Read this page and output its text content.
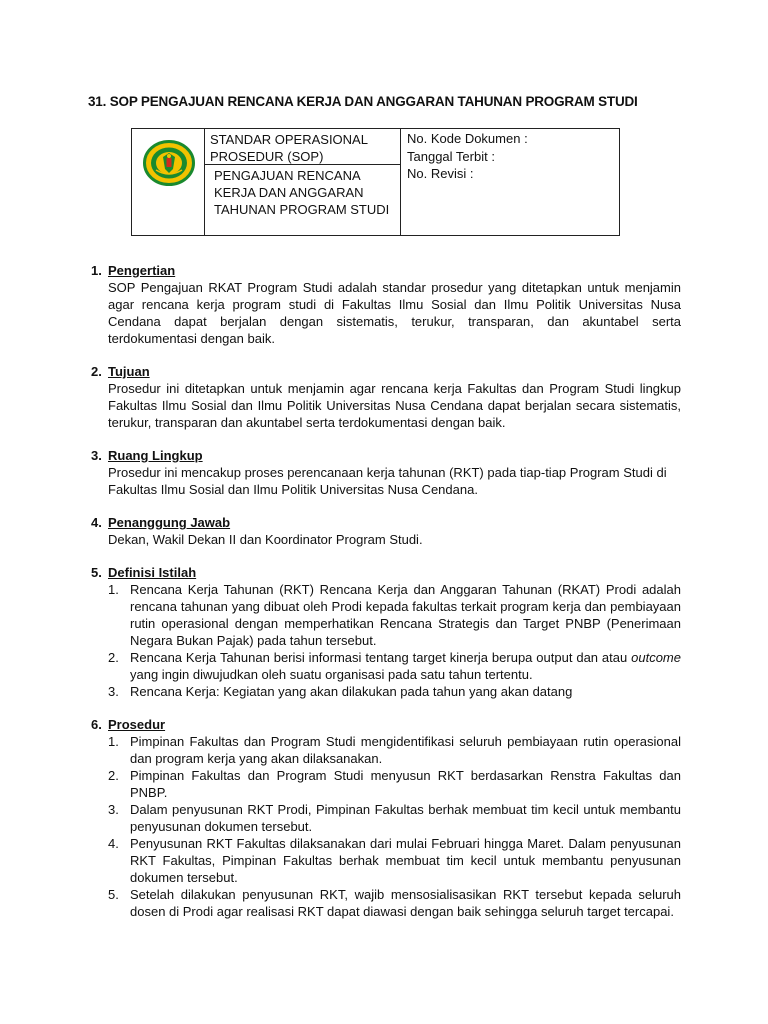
31. SOP PENGAJUAN RENCANA KERJA DAN ANGGARAN TAHUNAN PROGRAM STUDI
STANDAR OPERASIONAL
PROSEDUR (SOP)
PENGAJUAN RENCANA
KERJA DAN ANGGARAN
TAHUNAN PROGRAM STUDI
No. Kode Dokumen :
Tanggal Terbit :
No. Revisi :
1. Pengertian
SOP Pengajuan RKAT Program Studi adalah standar prosedur yang ditetapkan untuk menjamin agar rencana kerja program studi di Fakultas Ilmu Sosial dan Ilmu Politik Universitas Nusa Cendana dapat berjalan dengan sistematis, terukur, transparan, dan akuntabel serta terdokumentasi dengan baik.
2. Tujuan
Prosedur ini ditetapkan untuk menjamin agar rencana kerja Fakultas dan Program Studi lingkup Fakultas Ilmu Sosial dan Ilmu Politik Universitas Nusa Cendana dapat berjalan secara sistematis, terukur, transparan dan akuntabel serta terdokumentasi dengan baik.
3. Ruang Lingkup
Prosedur ini mencakup proses perencanaan kerja tahunan (RKT) pada tiap-tiap Program Studi di Fakultas Ilmu Sosial dan Ilmu Politik Universitas Nusa Cendana.
4. Penanggung Jawab
Dekan, Wakil Dekan II dan Koordinator Program Studi.
5. Definisi Istilah
1. Rencana Kerja Tahunan (RKT) Rencana Kerja dan Anggaran Tahunan (RKAT) Prodi adalah rencana tahunan yang dibuat oleh Prodi kepada fakultas terkait program kerja dan pembiayaan rutin operasional dengan memperhatikan Rencana Strategis dan Target PNBP (Penerimaan Negara Bukan Pajak) pada tahun tersebut.
2. Rencana Kerja Tahunan berisi informasi tentang target kinerja berupa output dan atau outcome yang ingin diwujudkan oleh suatu organisasi pada satu tahun tertentu.
3. Rencana Kerja: Kegiatan yang akan dilakukan pada tahun yang akan datang
6. Prosedur
1. Pimpinan Fakultas dan Program Studi mengidentifikasi seluruh pembiayaan rutin operasional dan program kerja yang akan dilaksanakan.
2. Pimpinan Fakultas dan Program Studi menyusun RKT berdasarkan Renstra Fakultas dan PNBP.
3. Dalam penyusunan RKT Prodi, Pimpinan Fakultas berhak membuat tim kecil untuk membantu penyusunan dokumen tersebut.
4. Penyusunan RKT Fakultas dilaksanakan dari mulai Februari hingga Maret. Dalam penyusunan RKT Fakultas, Pimpinan Fakultas berhak membuat tim kecil untuk membantu penyusunan dokumen tersebut.
5. Setelah dilakukan penyusunan RKT, wajib mensosialisasikan RKT tersebut kepada seluruh dosen di Prodi agar realisasi RKT dapat diawasi dengan baik sehingga seluruh target tercapai.
